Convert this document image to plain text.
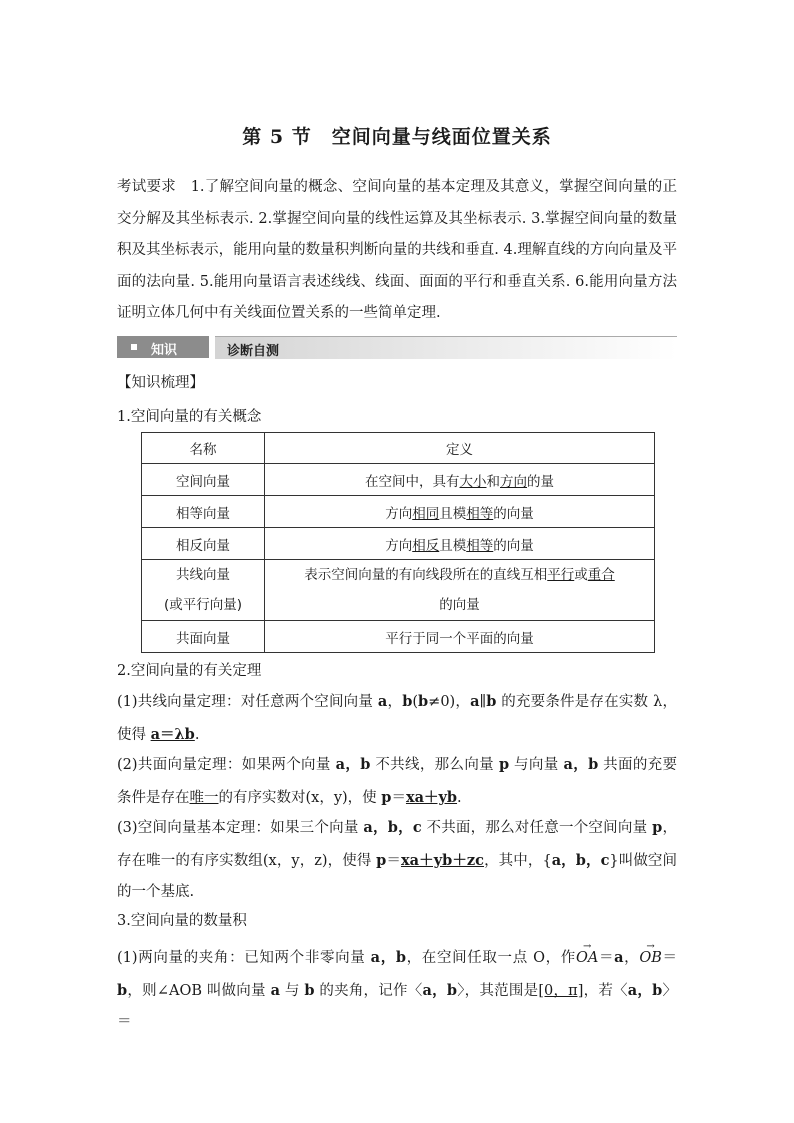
第 5 节　空间向量与线面位置关系
考试要求 1.了解空间向量的概念、空间向量的基本定理及其意义，掌握空间向量的正交分解及其坐标表示. 2.掌握空间向量的线性运算及其坐标表示. 3.掌握空间向量的数量积及其坐标表示，能用向量的数量积判断向量的共线和垂直. 4.理解直线的方向向量及平面的法向量. 5.能用向量语言表述线线、线面、面面的平行和垂直关系. 6.能用向量方法证明立体几何中有关线面位置关系的一些简单定理.
知识	诊断自测
【知识梳理】
1.空间向量的有关概念
名称	定义
空间向量	在空间中，具有大小和方向的量
相等向量	方向相同且模相等的向量
相反向量	方向相反且模相等的向量
共线向量
(或平行向量)	表示空间向量的有向线段所在的直线互相平行或重合
的向量
共面向量	平行于同一个平面的向量
2.空间向量的有关定理
(1)共线向量定理：对任意两个空间向量 a，b(b≠0)，a∥b 的充要条件是存在实数 λ，使得 a＝λb.
(2)共面向量定理：如果两个向量 a，b 不共线，那么向量 p 与向量 a，b 共面的充要条件是存在唯一的有序实数对(x，y)，使 p＝xa＋yb.
(3)空间向量基本定理：如果三个向量 a，b，c 不共面，那么对任意一个空间向量 p，存在唯一的有序实数组(x，y，z)，使得 p＝xa＋yb＋zc，其中，{a，b，c}叫做空间的一个基底.
3.空间向量的数量积
(1)两向量的夹角：已知两个非零向量 a，b，在空间任取一点 O，作→ OA＝a，→ OB＝b，则∠AOB 叫做向量 a 与 b 的夹角，记作〈a，b〉，其范围是[0，π]，若〈a，b〉＝
